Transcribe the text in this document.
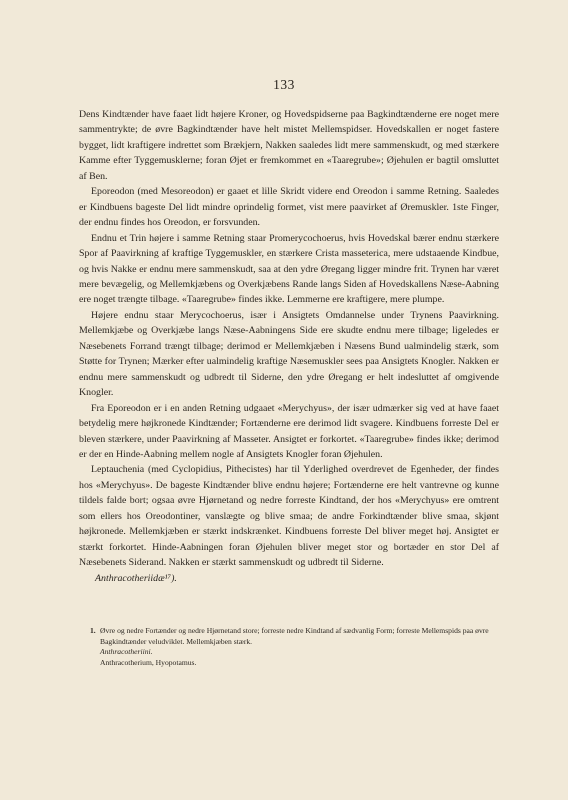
133

Dens Kindtænder have faaet lidt højere Kroner, og Hovedspidserne paa Bagkindtænderne ere noget mere sammentrykte; de øvre Bagkindtænder have helt mistet Mellemspidser. Hovedskallen er noget fastere bygget, lidt kraftigere indrettet som Brækjern, Nakken saaledes lidt mere sammenskudt, og med stærkere Kamme efter Tyggemusklerne; foran Øjet er fremkommet en «Taaregrube»; Øjehulen er bagtil omsluttet af Ben.

Eporeodon (med Mesoreodon) er gaaet et lille Skridt videre end Oreodon i samme Retning. Saaledes er Kindbuens bageste Del lidt mindre oprindelig formet, vist mere paavirket af Øremuskler. 1ste Finger, der endnu findes hos Oreodon, er forsvunden.

Endnu et Trin højere i samme Retning staar Promerycochoerus, hvis Hovedskal bærer endnu stærkere Spor af Paavirkning af kraftige Tyggemuskler, en stærkere Crista masseterica, mere udstaaende Kindbue, og hvis Nakke er endnu mere sammenskudt, saa at den ydre Øregang ligger mindre frit. Trynen har været mere bevægelig, og Mellemkjæbens og Overkjæbens Rande langs Siden af Hovedskallens Næse-Aabning ere noget trængte tilbage. «Taaregrube» findes ikke. Lemmerne ere kraftigere, mere plumpe.

Højere endnu staar Merycochoerus, især i Ansigtets Omdannelse under Trynens Paavirkning. Mellemkjæbe og Overkjæbe langs Næse-Aabningens Side ere skudte endnu mere tilbage; ligeledes er Næsebenets Forrand trængt tilbage; derimod er Mellemkjæben i Næsens Bund ualmindelig stærk, som Støtte for Trynen; Mærker efter ualmindelig kraftige Næsemuskler sees paa Ansigtets Knogler. Nakken er endnu mere sammenskudt og udbredt til Siderne, den ydre Øregang er helt indesluttet af omgivende Knogler.

Fra Eporeodon er i en anden Retning udgaaet «Merychyus», der især udmærker sig ved at have faaet betydelig mere højkronede Kindtænder; Fortænderne ere derimod lidt svagere. Kindbuens forreste Del er bleven stærkere, under Paavirkning af Masseter. Ansigtet er forkortet. «Taaregrube» findes ikke; derimod er der en Hinde-Aabning mellem nogle af Ansigtets Knogler foran Øjehulen.

Leptauchenia (med Cyclopidius, Pithecistes) har til Yderlighed overdrevet de Egenheder, der findes hos «Merychyus». De bageste Kindtænder blive endnu højere; Fortænderne ere helt vantrevne og kunne tildels falde bort; ogsaa øvre Hjørnetand og nedre forreste Kindtand, der hos «Merychyus» ere omtrent som ellers hos Oreodontiner, vanslægte og blive smaa; de andre Forkindtænder blive smaa, skjønt højkronede. Mellemkjæben er stærkt indskrænket. Kindbuens forreste Del bliver meget høj. Ansigtet er stærkt forkortet. Hinde-Aabningen foran Øjehulen bliver meget stor og bortæder en stor Del af Næsebenets Siderand. Nakken er stærkt sammenskudt og udbredt til Siderne.

Anthracotheriidæ¹⁷).

1. Øvre og nedre Fortænder og nedre Hjørnetand store; forreste nedre Kindtand af sædvanlig Form; forreste Mellemspids paa øvre Bagkindtænder veludviklet. Mellemkjæben stærk.
Anthracotheriini.
Anthracotherium, Hyopotamus.
